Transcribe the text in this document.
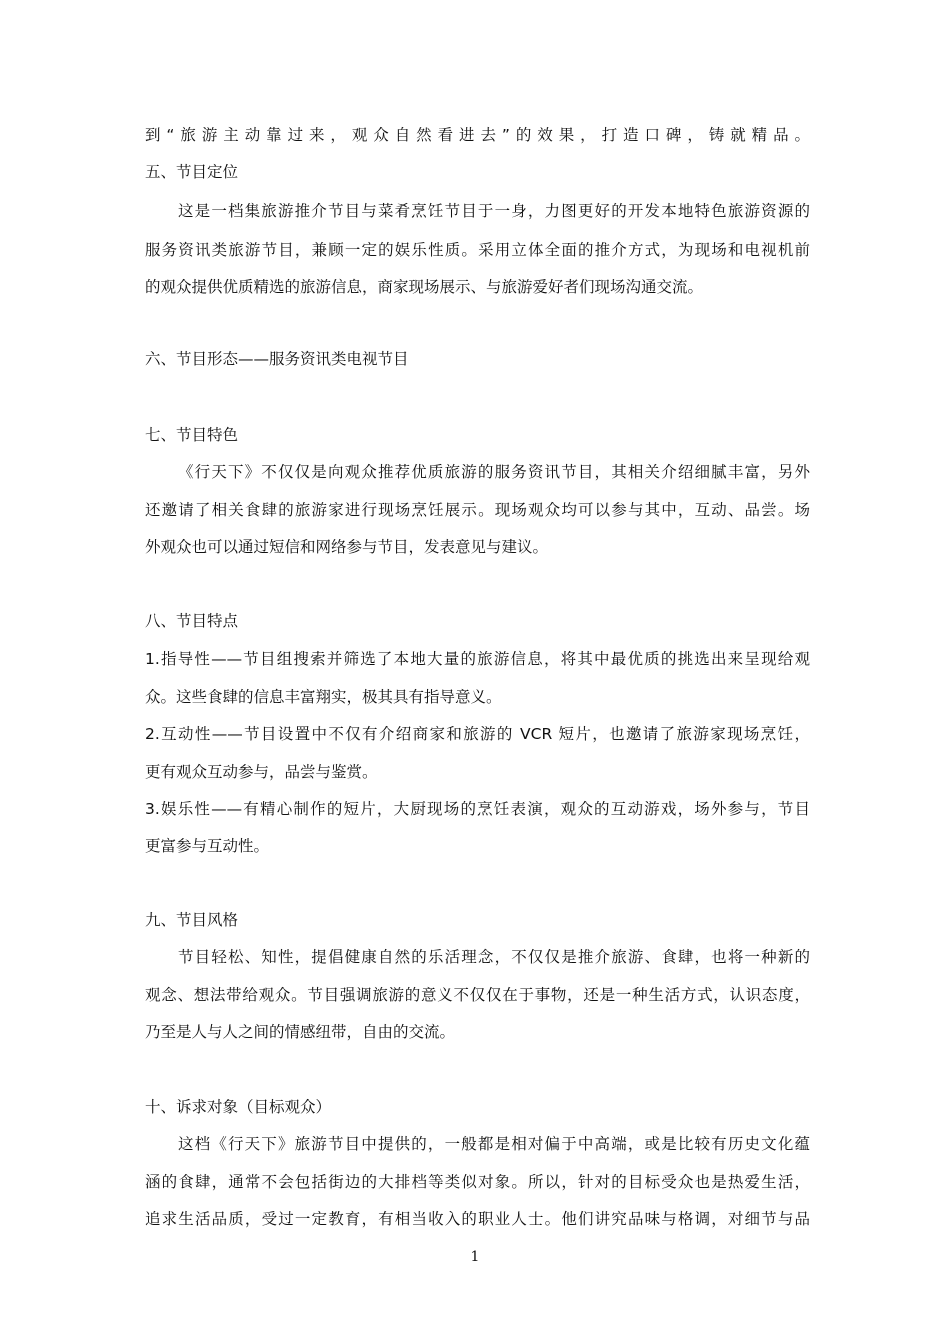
到“旅游主动靠过来，观众自然看进去”的效果，打造口碑，铸就精品。
五、节目定位
这是一档集旅游推介节目与菜肴烹饪节目于一身，力图更好的开发本地特色旅游资源的
服务资讯类旅游节目，兼顾一定的娱乐性质。采用立体全面的推介方式，为现场和电视机前
的观众提供优质精选的旅游信息，商家现场展示、与旅游爱好者们现场沟通交流。
六、节目形态——服务资讯类电视节目
七、节目特色
《行天下》不仅仅是向观众推荐优质旅游的服务资讯节目，其相关介绍细腻丰富，另外
还邀请了相关食肆的旅游家进行现场烹饪展示。现场观众均可以参与其中，互动、品尝。场
外观众也可以通过短信和网络参与节目，发表意见与建议。
八、节目特点
1.指导性——节目组搜索并筛选了本地大量的旅游信息，将其中最优质的挑选出来呈现给观
众。这些食肆的信息丰富翔实，极其具有指导意义。
2.互动性——节目设置中不仅有介绍商家和旅游的 VCR 短片，也邀请了旅游家现场烹饪，
更有观众互动参与，品尝与鉴赏。
3.娱乐性——有精心制作的短片，大厨现场的烹饪表演，观众的互动游戏，场外参与，节目
更富参与互动性。
九、节目风格
节目轻松、知性，提倡健康自然的乐活理念，不仅仅是推介旅游、食肆，也将一种新的
观念、想法带给观众。节目强调旅游的意义不仅仅在于事物，还是一种生活方式，认识态度，
乃至是人与人之间的情感纽带，自由的交流。
十、诉求对象（目标观众）
这档《行天下》旅游节目中提供的，一般都是相对偏于中高端，或是比较有历史文化蕴
涵的食肆，通常不会包括街边的大排档等类似对象。所以，针对的目标受众也是热爱生活，
追求生活品质，受过一定教育，有相当收入的职业人士。他们讲究品味与格调，对细节与品
1
